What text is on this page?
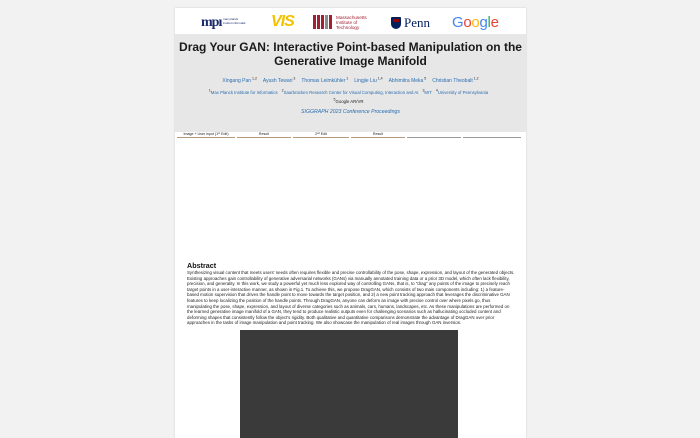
mpı max planck institut informatik VIS	Massachusetts Institute of Technology	Penn Google
Drag Your GAN: Interactive Point-based Manipulation on the Generative Image Manifold
Xingang Pan $^{1,2}$ Ayush Tewari $^3$ Thomas Leimkühler $^1$ Lingjie Liu $^{1,4}$ Abhimitra Meka $^5$ Christian Theobalt $^{1,2}$
$^1$Max Planck Institute for Informatics $^2$Saarbrücken Research Center for Visual Computing, Interaction and AI $^3$MIT $^4$University of Pennsylvania
$^5$Google AR/VR
SIGGRAPH 2023 Conference Proceedings
Image + User input (1ˢᵗ Edit)	Result	2ⁿᵈ Edit	Result
Abstract

Synthesizing visual content that meets users' needs often requires flexible and precise controllability of the pose, shape, expression, and layout of the generated objects. Existing approaches gain controllability of generative adversarial networks (GANs) via manually annotated training data or a prior 3D model, which often lack flexibility, precision, and generality. In this work, we study a powerful yet much less explored way of controlling GANs, that is, to "drag" any points of the image to precisely reach target points in a user-interactive manner, as shown in Fig.1. To achieve this, we propose DragGAN, which consists of two main components including: 1) a feature-based motion supervision that drives the handle point to move towards the target position, and 2) a new point tracking approach that leverages the discriminative GAN features to keep localizing the position of the handle points. Through DragGAN, anyone can deform an image with precise control over where pixels go, thus manipulating the pose, shape, expression, and layout of diverse categories such as animals, cars, humans, landscapes, etc. As these manipulations are performed on the learned generative image manifold of a GAN, they tend to produce realistic outputs even for challenging scenarios such as hallucinating occluded content and deforming shapes that consistently follow the object's rigidity. Both qualitative and quantitative comparisons demonstrate the advantage of DragGAN over prior approaches in the tasks of image manipulation and point tracking. We also showcase the manipulation of real images through GAN inversion.
